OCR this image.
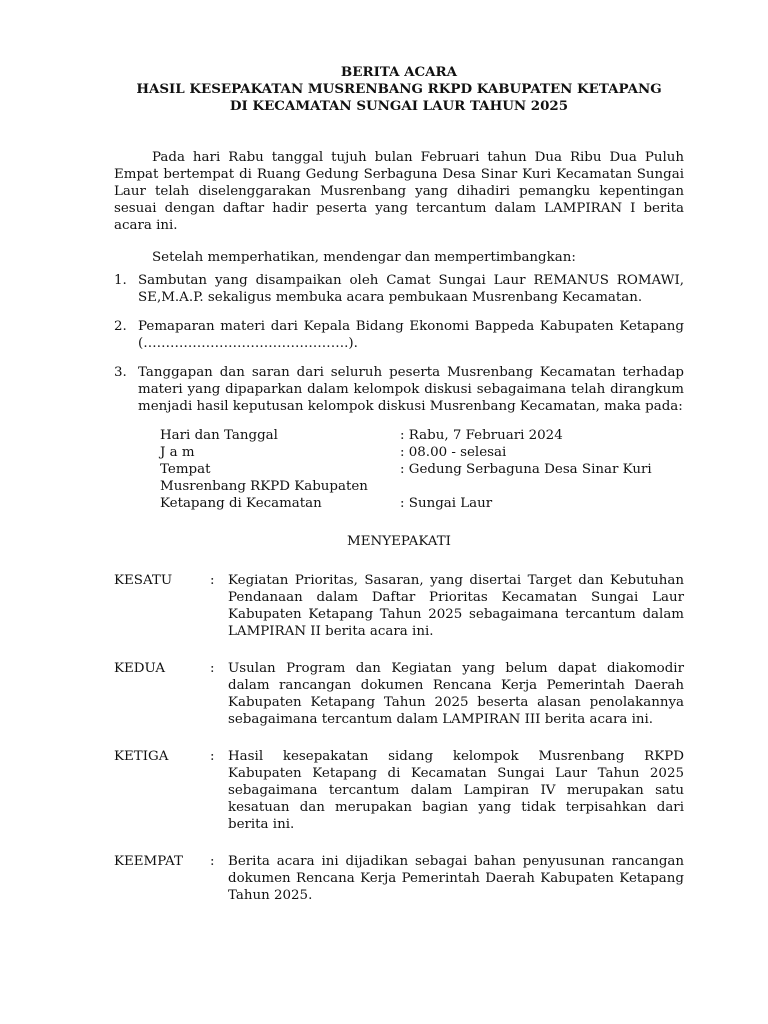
BERITA ACARA
HASIL KESEPAKATAN MUSRENBANG RKPD KABUPATEN KETAPANG
DI KECAMATAN SUNGAI LAUR TAHUN 2025

Pada hari Rabu tanggal tujuh bulan Februari tahun Dua Ribu Dua Puluh Empat bertempat di Ruang Gedung Serbaguna Desa Sinar Kuri Kecamatan Sungai Laur telah diselenggarakan Musrenbang yang dihadiri pemangku kepentingan sesuai dengan daftar hadir peserta yang tercantum dalam LAMPIRAN I berita acara ini.

Setelah memperhatikan, mendengar dan mempertimbangkan:

1. Sambutan yang disampaikan oleh Camat Sungai Laur REMANUS ROMAWI, SE,M.A.P. sekaligus membuka acara pembukaan Musrenbang Kecamatan.
2. Pemaparan materi dari Kepala Bidang Ekonomi Bappeda Kabupaten Ketapang (……………………………………….).
3. Tanggapan dan saran dari seluruh peserta Musrenbang Kecamatan terhadap materi yang dipaparkan dalam kelompok diskusi sebagaimana telah dirangkum menjadi hasil keputusan kelompok diskusi Musrenbang Kecamatan, maka pada:
Hari dan Tanggal	: Rabu, 7 Februari 2024
J a m	: 08.00 - selesai
Tempat	: Gedung Serbaguna Desa Sinar Kuri
Musrenbang RKPD Kabupaten	
Ketapang di Kecamatan	: Sungai Laur
MENYEPAKATI
KESATU	:	Kegiatan Prioritas, Sasaran, yang disertai Target dan Kebutuhan Pendanaan dalam Daftar Prioritas Kecamatan Sungai Laur Kabupaten Ketapang Tahun 2025 sebagaimana tercantum dalam LAMPIRAN II berita acara ini.
KEDUA	:	Usulan Program dan Kegiatan yang belum dapat diakomodir dalam rancangan dokumen Rencana Kerja Pemerintah Daerah Kabupaten Ketapang Tahun 2025 beserta alasan penolakannya sebagaimana tercantum dalam LAMPIRAN III berita acara ini.
KETIGA	:	Hasil kesepakatan sidang kelompok Musrenbang RKPD Kabupaten Ketapang di Kecamatan Sungai Laur Tahun 2025 sebagaimana tercantum dalam Lampiran IV merupakan satu kesatuan dan merupakan bagian yang tidak terpisahkan dari berita ini.
KEEMPAT	:	Berita acara ini dijadikan sebagai bahan penyusunan rancangan dokumen Rencana Kerja Pemerintah Daerah Kabupaten Ketapang Tahun 2025.
